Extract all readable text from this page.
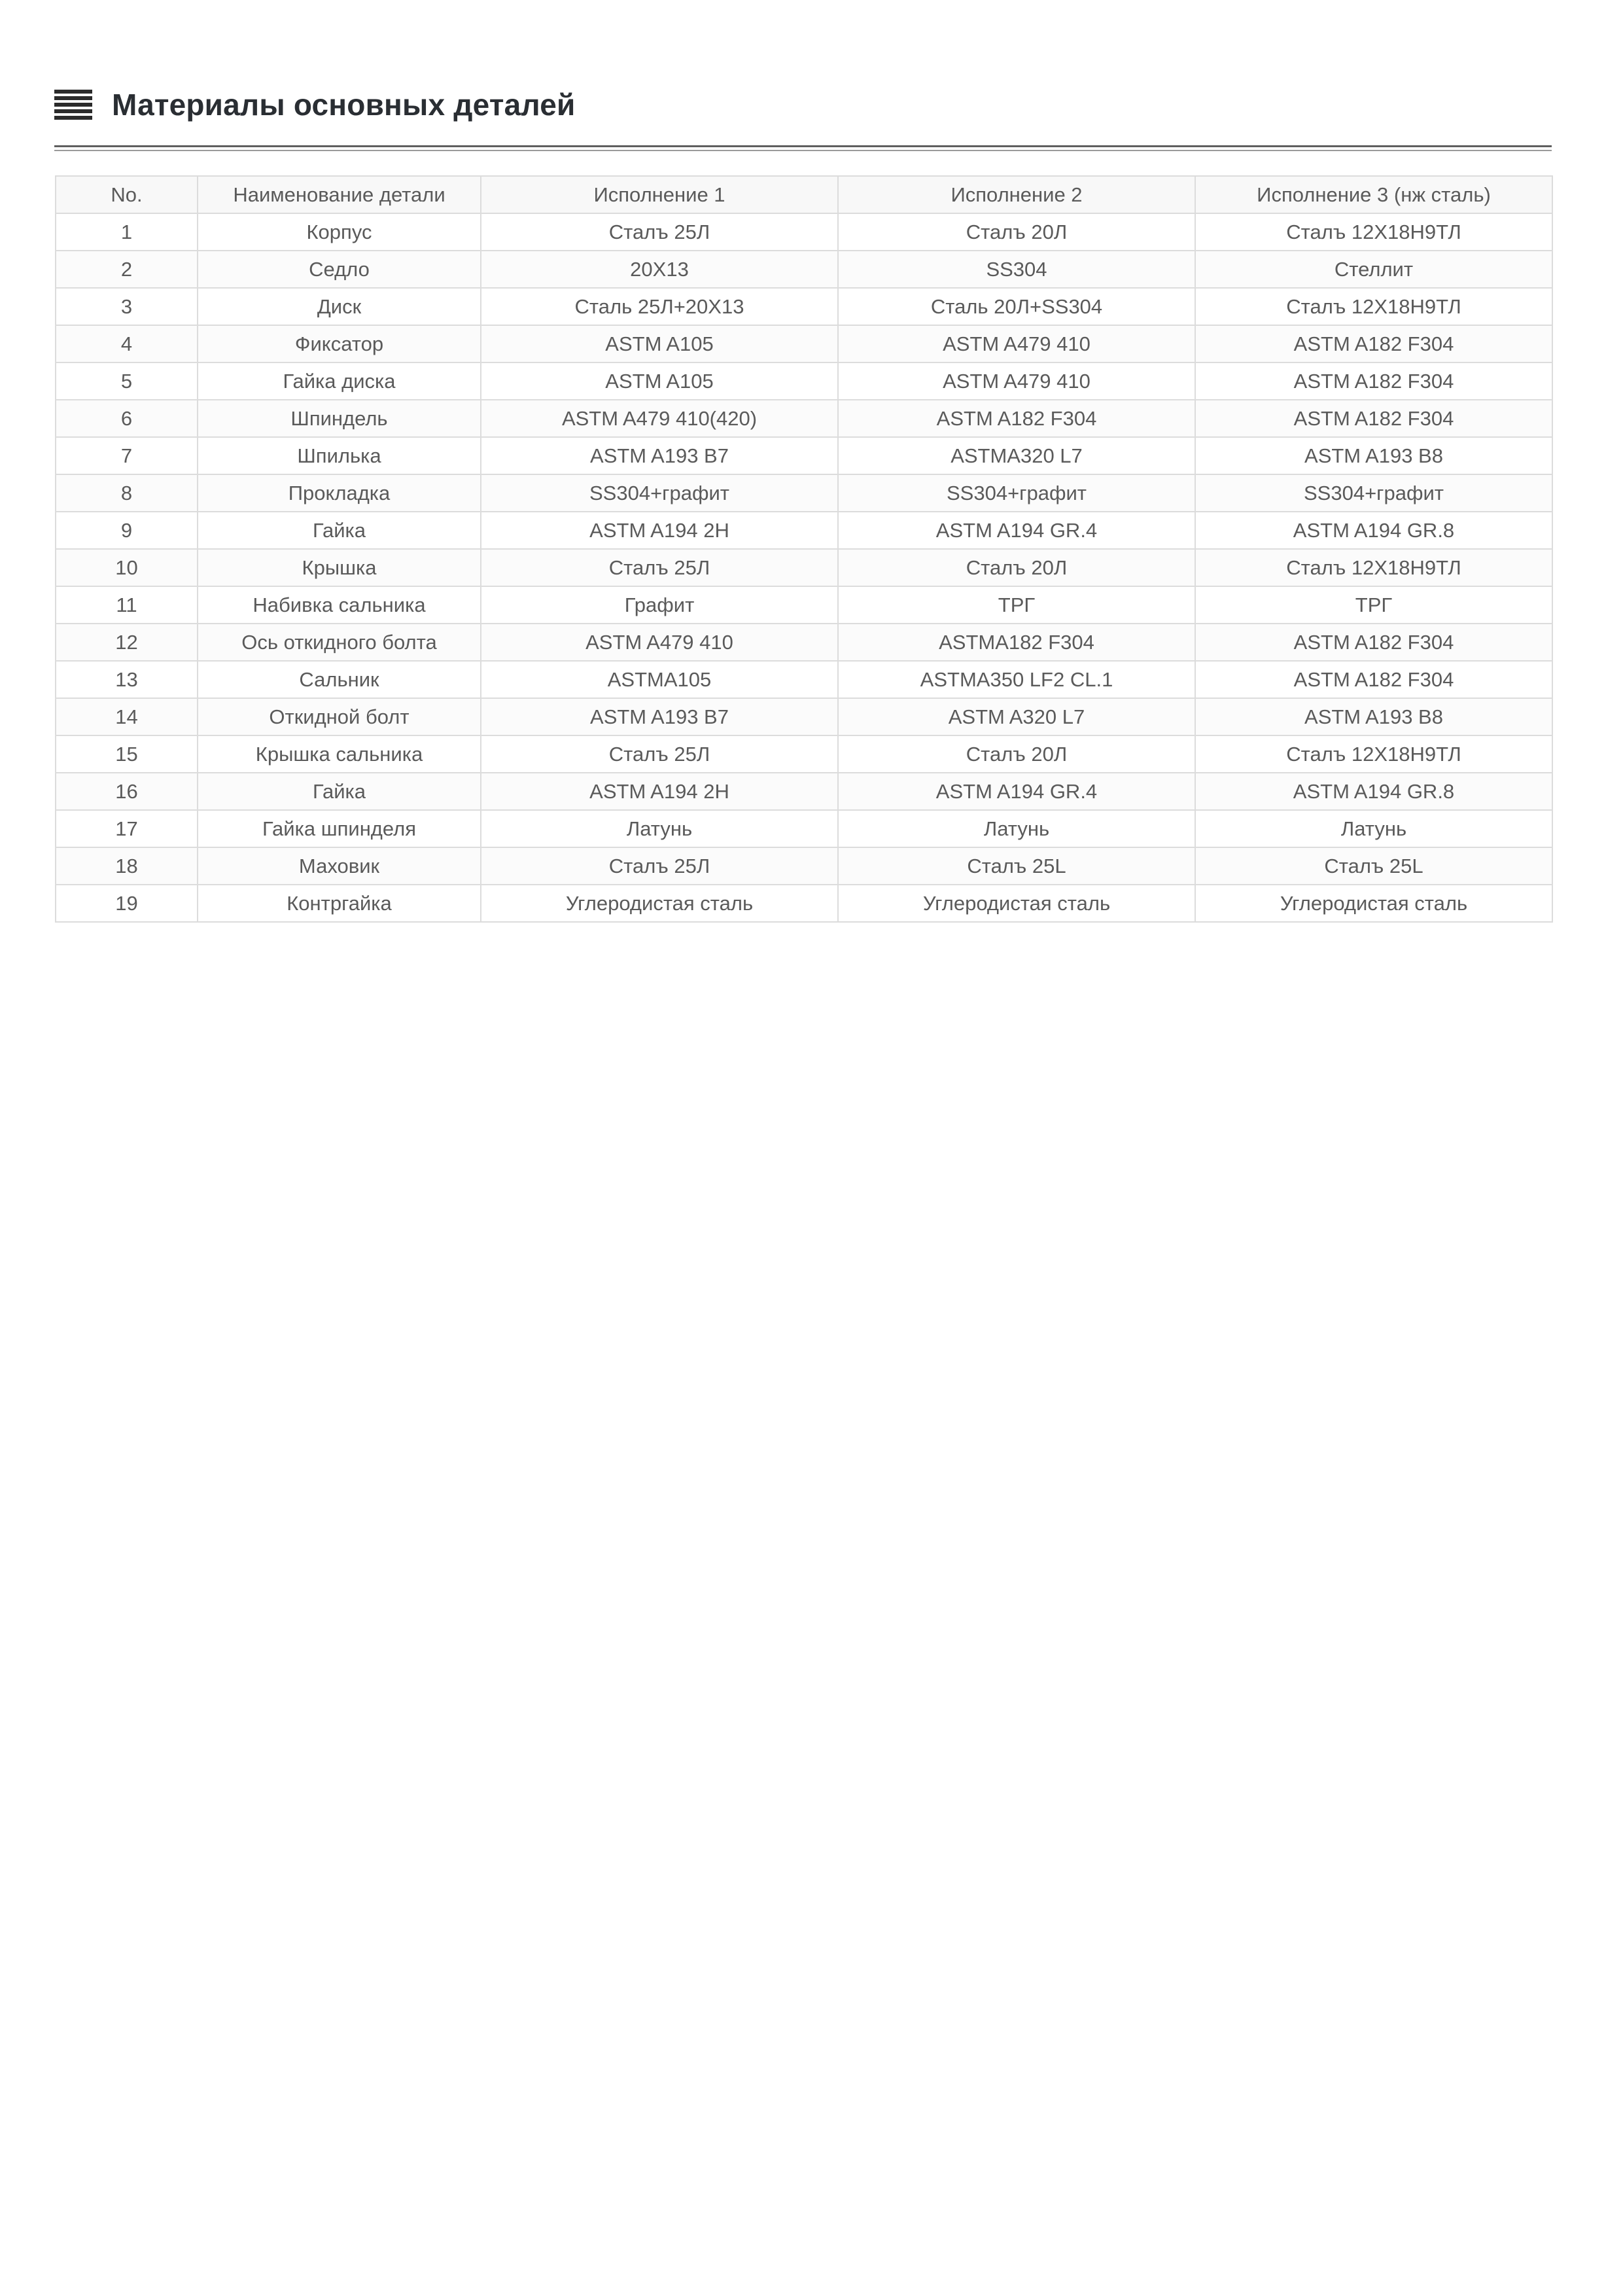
Материалы основных деталей
No.	Наименование детали	Исполнение 1	Исполнение 2	Исполнение 3 (нж сталь)
1	Корпус	Сталъ 25Л	Сталъ 20Л	Сталъ 12Х18Н9ТЛ
2	Седло	20Х13	SS304	Стеллит
3	Диск	Сталь 25Л+20Х13	Сталь 20Л+SS304	Сталъ 12Х18Н9ТЛ
4	Фиксатор	ASTM A105	ASTM A479 410	ASTM A182 F304
5	Гайка диска	ASTM A105	ASTM A479 410	ASTM A182 F304
6	Шпиндель	ASTM A479 410(420)	ASTM A182 F304	ASTM A182 F304
7	Шпилька	ASTM A193 B7	ASTMA320 L7	ASTM A193 B8
8	Прокладка	SS304+графит	SS304+графит	SS304+графит
9	Гайка	ASTM A194 2H	ASTM A194 GR.4	ASTM A194 GR.8
10	Крышка	Сталъ 25Л	Сталъ 20Л	Сталъ 12Х18Н9ТЛ
11	Набивка сальника	Графит	ТРГ	ТРГ
12	Ось откидного болта	ASTM A479 410	ASTMA182 F304	ASTM A182 F304
13	Сальник	ASTMA105	ASTMA350 LF2 CL.1	ASTM A182 F304
14	Откидной болт	ASTM A193 B7	ASTM A320 L7	ASTM A193 B8
15	Крышка сальника	Сталъ 25Л	Сталъ 20Л	Сталъ 12Х18Н9ТЛ
16	Гайка	ASTM A194 2H	ASTM A194 GR.4	ASTM A194 GR.8
17	Гайка шпинделя	Латунь	Латунь	Латунь
18	Маховик	Сталъ 25Л	Сталъ 25L	Сталъ 25L
19	Контргайка	Углеродистая сталь	Углеродистая сталь	Углеродистая сталь
